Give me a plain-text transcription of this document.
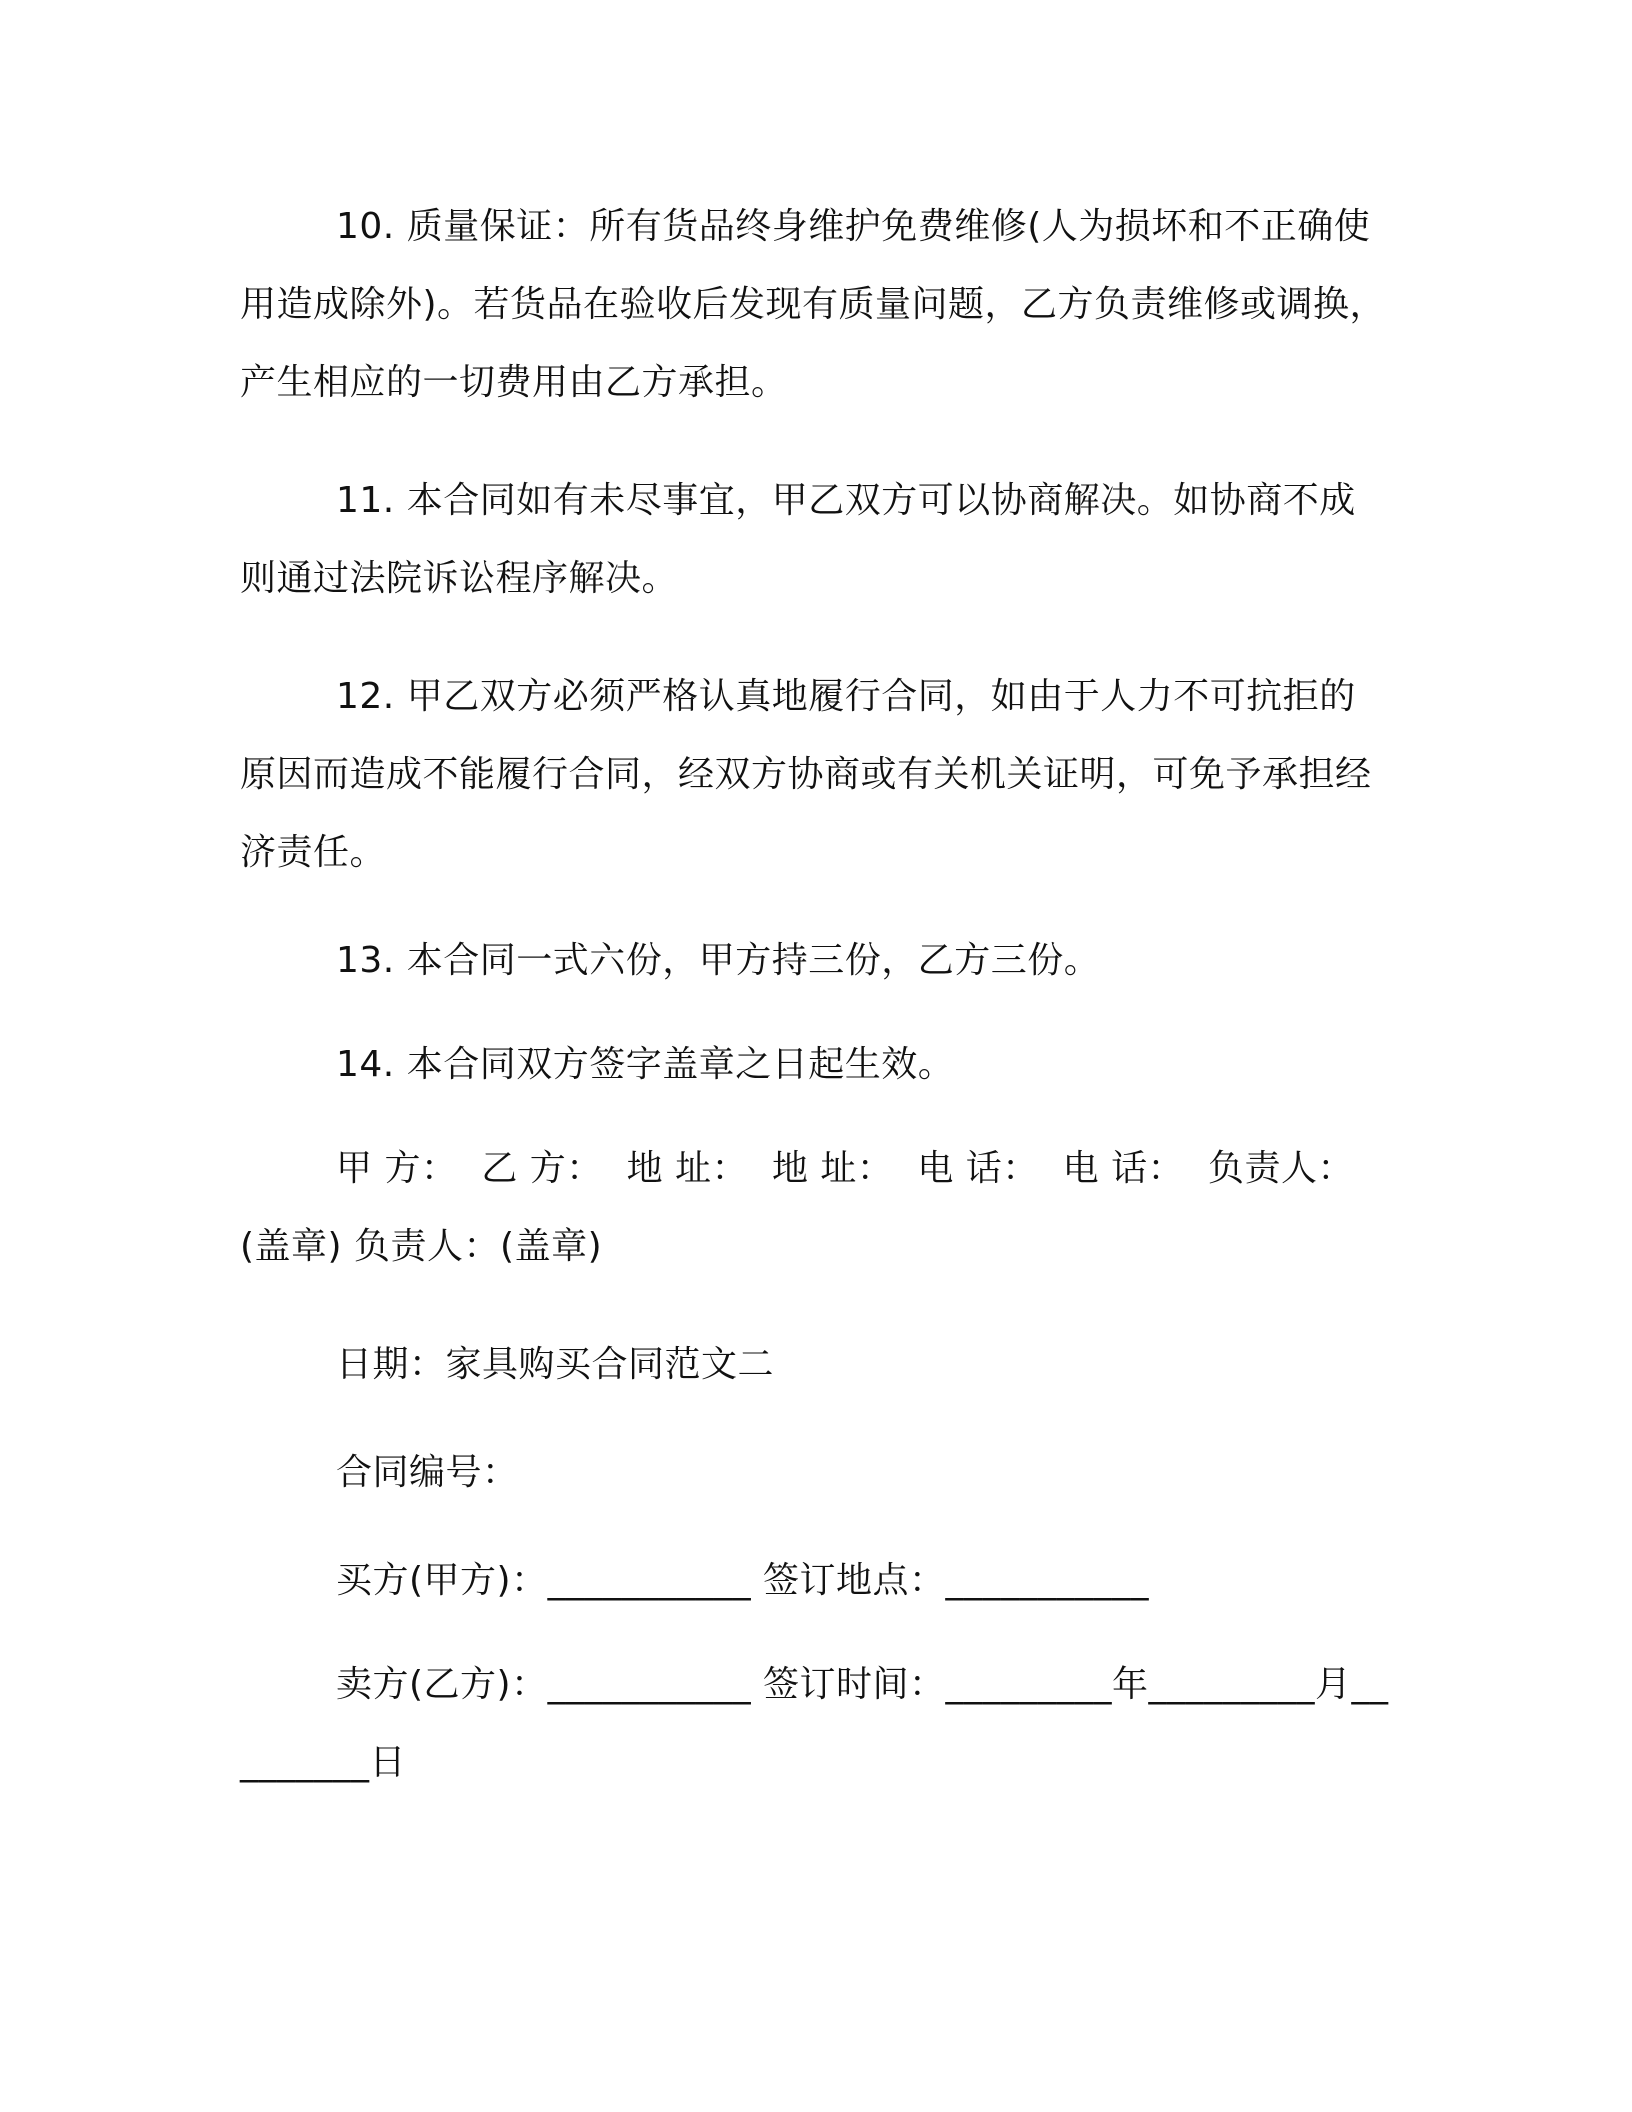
10. 质量保证：所有货品终身维护免费维修(人为损坏和不正确使用造成除外)。若货品在验收后发现有质量问题，乙方负责维修或调换，产生相应的一切费用由乙方承担。

11. 本合同如有未尽事宜，甲乙双方可以协商解决。如协商不成则通过法院诉讼程序解决。

12. 甲乙双方必须严格认真地履行合同，如由于人力不可抗拒的原因而造成不能履行合同，经双方协商或有关机关证明，可免予承担经济责任。

13. 本合同一式六份，甲方持三份，乙方三份。

14. 本合同双方签字盖章之日起生效。

甲 方：  乙 方：  地 址：  地 址：  电 话：  电 话：  负责人：(盖章) 负责人：(盖章)

日期：家具购买合同范文二

合同编号：

买方(甲方)：___________ 签订地点：___________

卖方(乙方)：___________ 签订时间：_________年_________月_________日
